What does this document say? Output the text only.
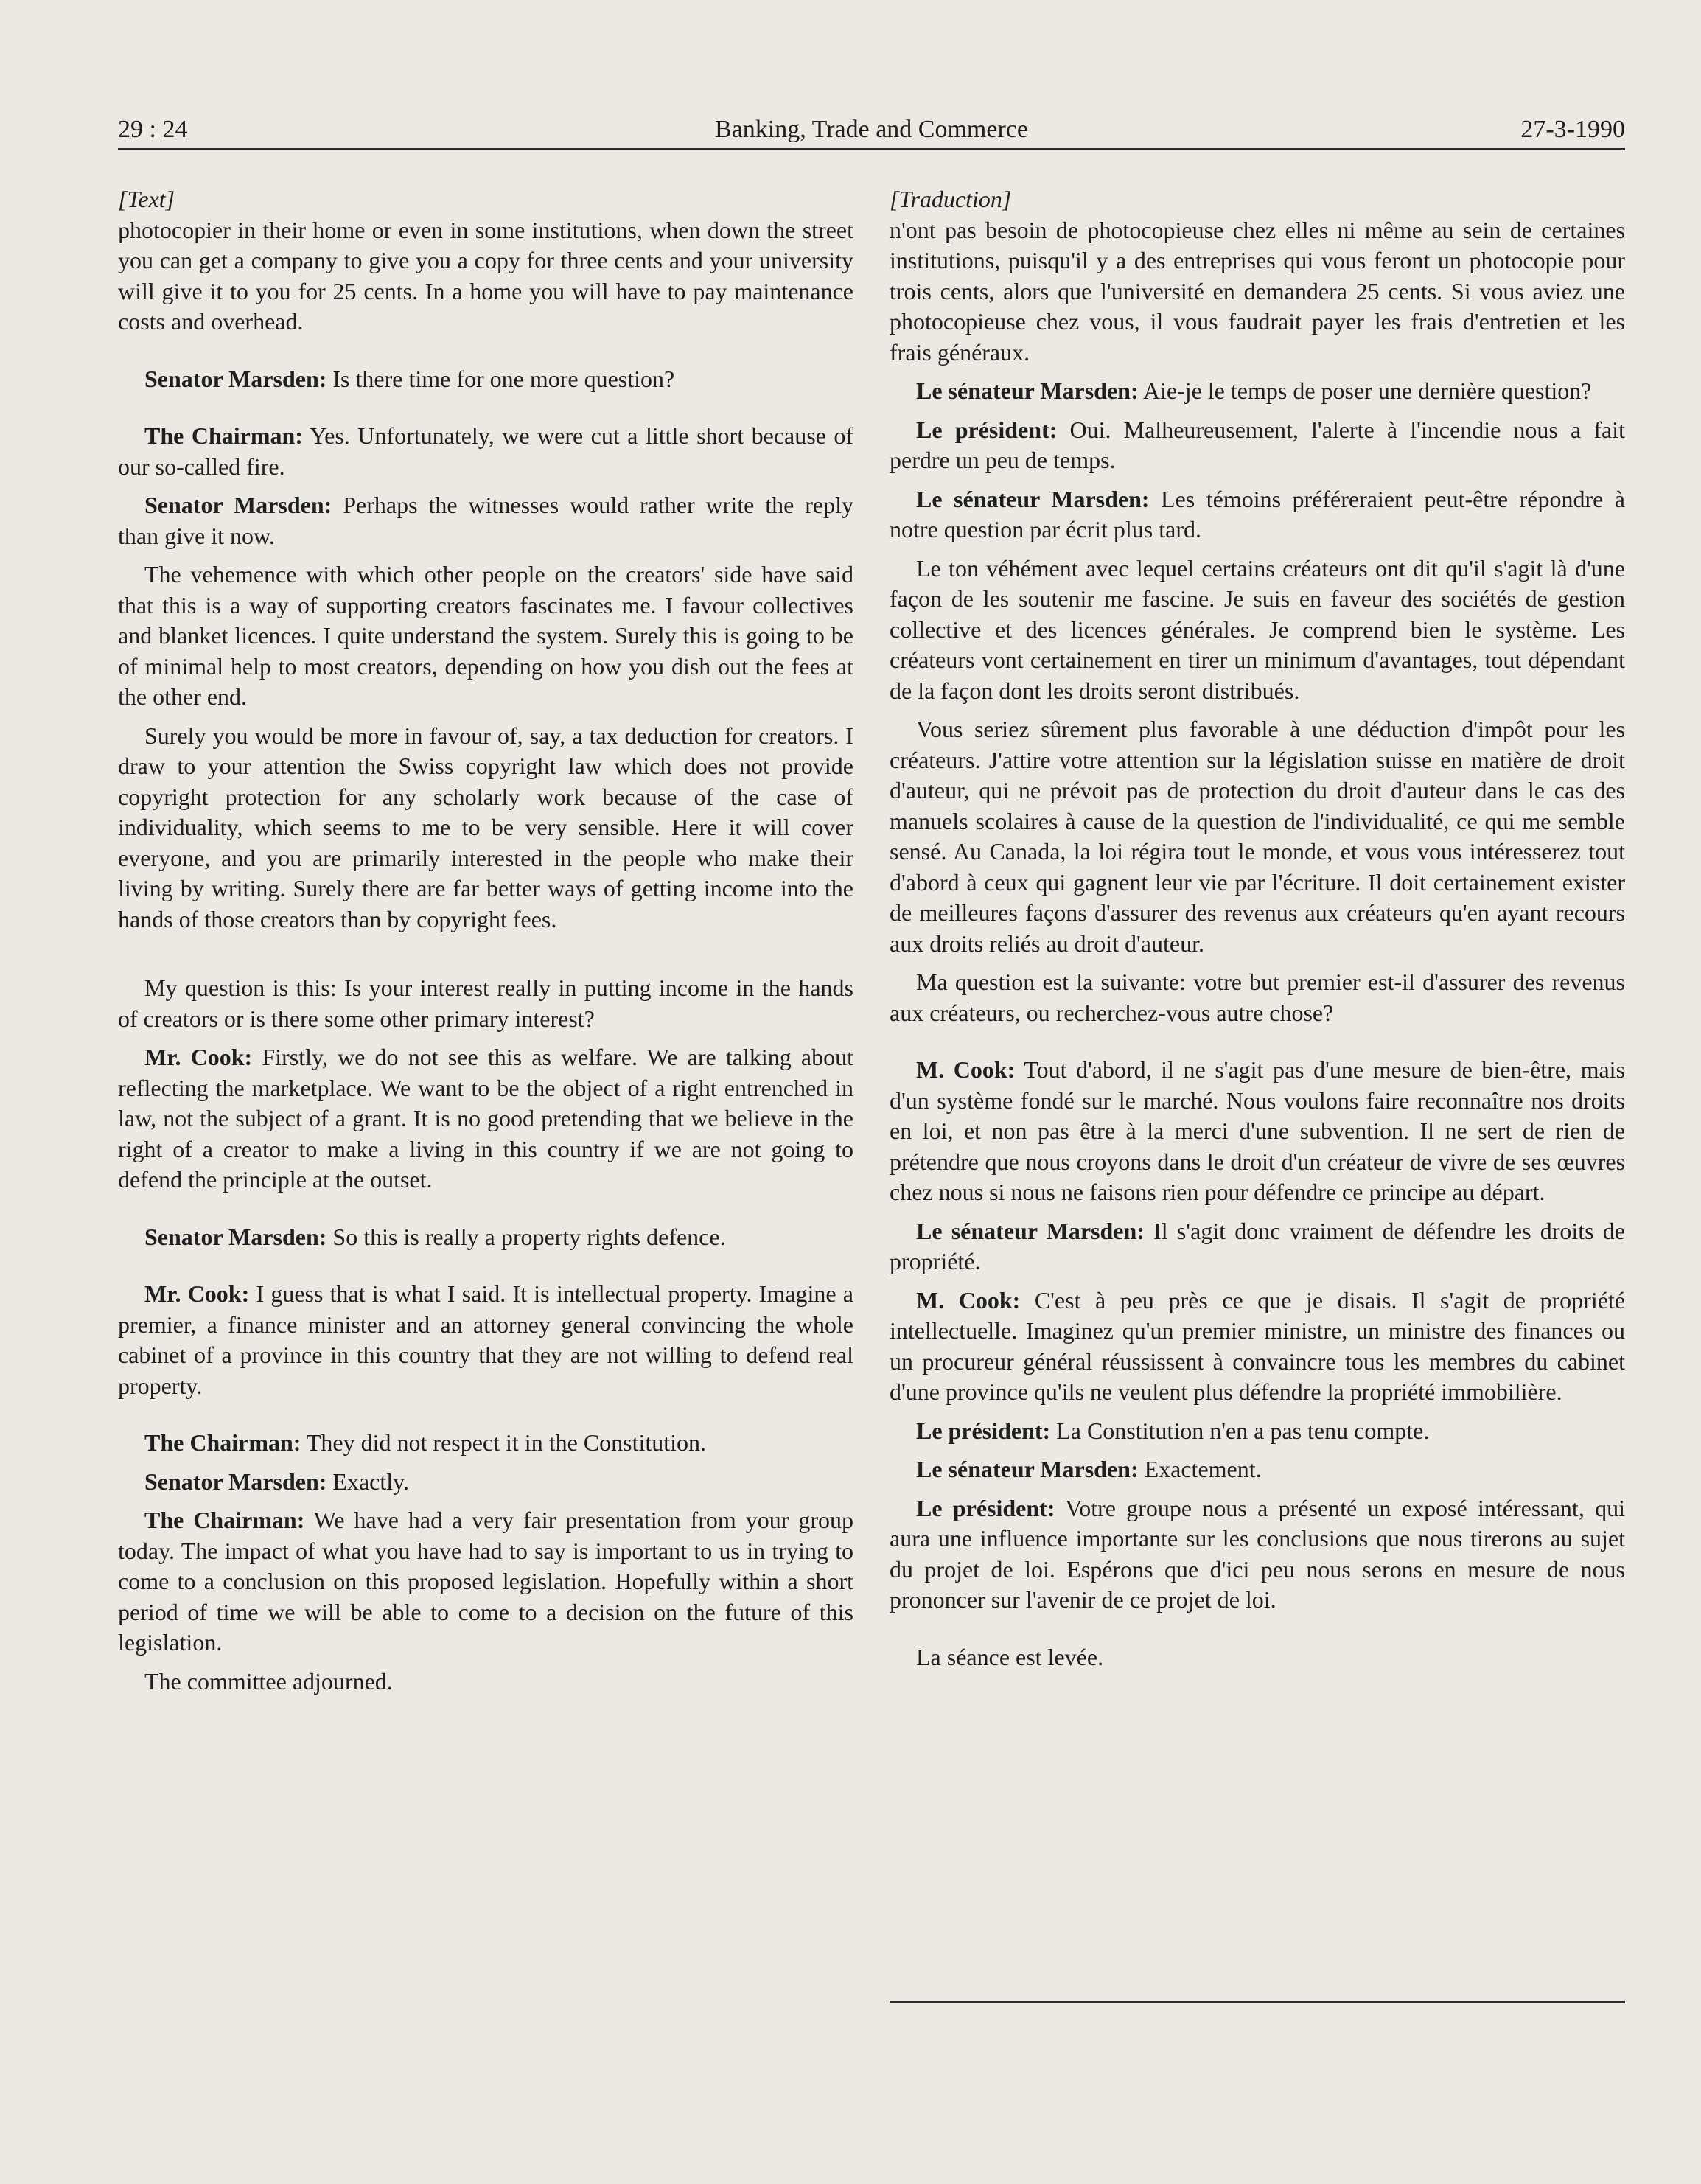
29 : 24	Banking, Trade and Commerce	27-3-1990

[Text]

photocopier in their home or even in some institutions, when down the street you can get a company to give you a copy for three cents and your university will give it to you for 25 cents. In a home you will have to pay maintenance costs and overhead.

Senator Marsden: Is there time for one more question?

The Chairman: Yes. Unfortunately, we were cut a little short because of our so-called fire.

Senator Marsden: Perhaps the witnesses would rather write the reply than give it now.

The vehemence with which other people on the creators' side have said that this is a way of supporting creators fascinates me. I favour collectives and blanket licences. I quite understand the system. Surely this is going to be of minimal help to most creators, depending on how you dish out the fees at the other end.

Surely you would be more in favour of, say, a tax deduction for creators. I draw to your attention the Swiss copyright law which does not provide copyright protection for any scholarly work because of the case of individuality, which seems to me to be very sensible. Here it will cover everyone, and you are primarily interested in the people who make their living by writing. Surely there are far better ways of getting income into the hands of those creators than by copyright fees.

My question is this: Is your interest really in putting income in the hands of creators or is there some other primary interest?

Mr. Cook: Firstly, we do not see this as welfare. We are talking about reflecting the marketplace. We want to be the object of a right entrenched in law, not the subject of a grant. It is no good pretending that we believe in the right of a creator to make a living in this country if we are not going to defend the principle at the outset.

Senator Marsden: So this is really a property rights defence.

Mr. Cook: I guess that is what I said. It is intellectual property. Imagine a premier, a finance minister and an attorney general convincing the whole cabinet of a province in this country that they are not willing to defend real property.

The Chairman: They did not respect it in the Constitution.

Senator Marsden: Exactly.

The Chairman: We have had a very fair presentation from your group today. The impact of what you have had to say is important to us in trying to come to a conclusion on this proposed legislation. Hopefully within a short period of time we will be able to come to a decision on the future of this legislation.

The committee adjourned.

[Traduction]

n'ont pas besoin de photocopieuse chez elles ni même au sein de certaines institutions, puisqu'il y a des entreprises qui vous feront un photocopie pour trois cents, alors que l'université en demandera 25 cents. Si vous aviez une photocopieuse chez vous, il vous faudrait payer les frais d'entretien et les frais généraux.

Le sénateur Marsden: Aie-je le temps de poser une dernière question?

Le président: Oui. Malheureusement, l'alerte à l'incendie nous a fait perdre un peu de temps.

Le sénateur Marsden: Les témoins préféreraient peut-être répondre à notre question par écrit plus tard.

Le ton véhément avec lequel certains créateurs ont dit qu'il s'agit là d'une façon de les soutenir me fascine. Je suis en faveur des sociétés de gestion collective et des licences générales. Je comprend bien le système. Les créateurs vont certainement en tirer un minimum d'avantages, tout dépendant de la façon dont les droits seront distribués.

Vous seriez sûrement plus favorable à une déduction d'impôt pour les créateurs. J'attire votre attention sur la législation suisse en matière de droit d'auteur, qui ne prévoit pas de protection du droit d'auteur dans le cas des manuels scolaires à cause de la question de l'individualité, ce qui me semble sensé. Au Canada, la loi régira tout le monde, et vous vous intéresserez tout d'abord à ceux qui gagnent leur vie par l'écriture. Il doit certainement exister de meilleures façons d'assurer des revenus aux créateurs qu'en ayant recours aux droits reliés au droit d'auteur.

Ma question est la suivante: votre but premier est-il d'assurer des revenus aux créateurs, ou recherchez-vous autre chose?

M. Cook: Tout d'abord, il ne s'agit pas d'une mesure de bien-être, mais d'un système fondé sur le marché. Nous voulons faire reconnaître nos droits en loi, et non pas être à la merci d'une subvention. Il ne sert de rien de prétendre que nous croyons dans le droit d'un créateur de vivre de ses œuvres chez nous si nous ne faisons rien pour défendre ce principe au départ.

Le sénateur Marsden: Il s'agit donc vraiment de défendre les droits de propriété.

M. Cook: C'est à peu près ce que je disais. Il s'agit de propriété intellectuelle. Imaginez qu'un premier ministre, un ministre des finances ou un procureur général réussissent à convaincre tous les membres du cabinet d'une province qu'ils ne veulent plus défendre la propriété immobilière.

Le président: La Constitution n'en a pas tenu compte.

Le sénateur Marsden: Exactement.

Le président: Votre groupe nous a présenté un exposé intéressant, qui aura une influence importante sur les conclusions que nous tirerons au sujet du projet de loi. Espérons que d'ici peu nous serons en mesure de nous prononcer sur l'avenir de ce projet de loi.

La séance est levée.
